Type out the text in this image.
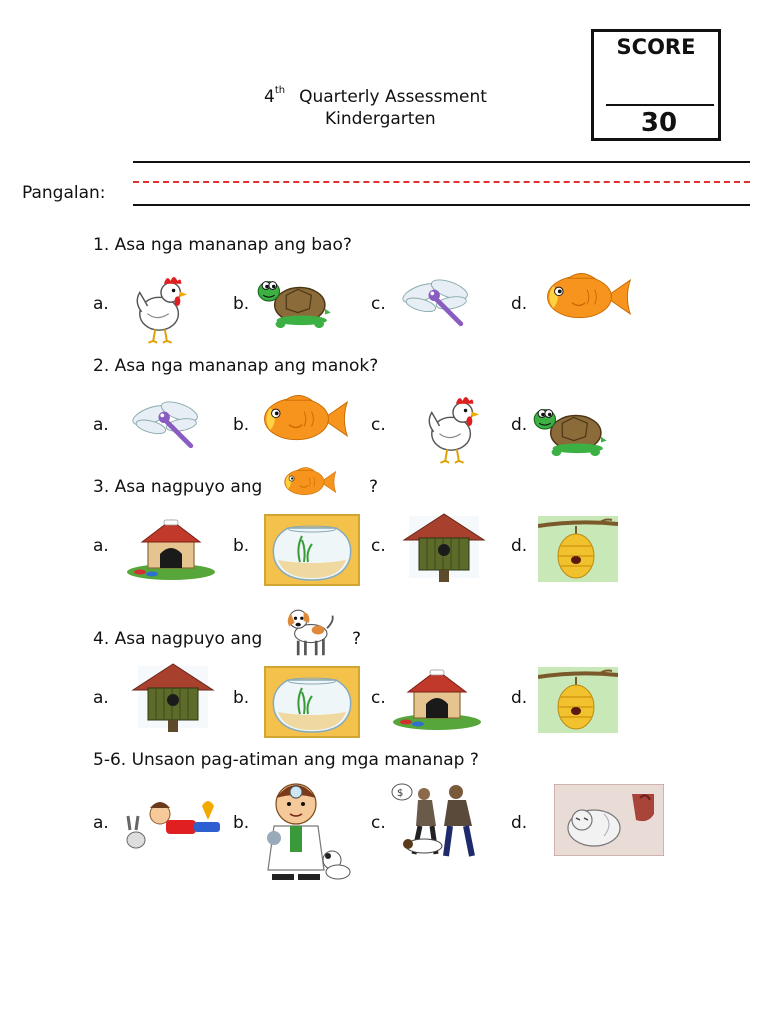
SCORE
30
4th Quarterly Assessment
Kindergarten
Pangalan:
1. Asa nga mananap ang bao?
a.	b.	c.	d.
2. Asa nga mananap ang manok?
a.	b.	c.	d.
3. Asa nagpuyo ang	?
a.	b.	c.	d.
4. Asa nagpuyo ang	?
a.	b.	c.	d.
5-6. Unsaon pag-atiman ang mga mananap ?
a.	b.	c.
$
d.
